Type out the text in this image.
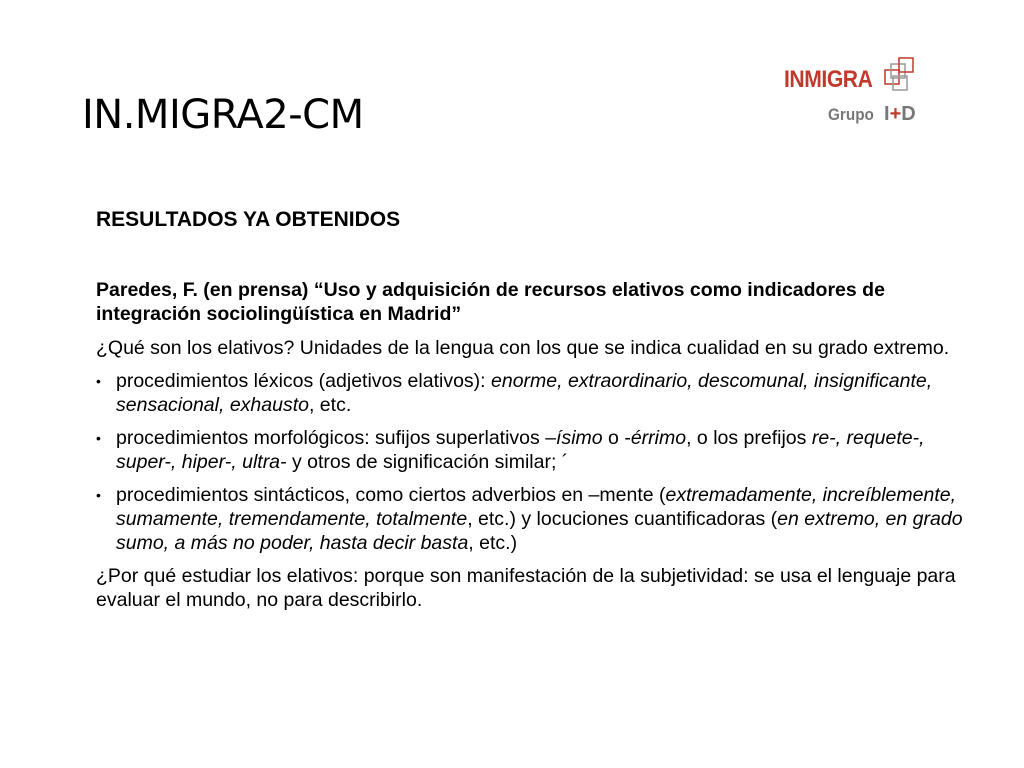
IN.MIGRA2-CM
INMIGRA
Grupo I+D
RESULTADOS YA OBTENIDOS
Paredes, F. (en prensa) “Uso y adquisición de recursos elativos como indicadores de integración sociolingüística en Madrid”
¿Qué son los elativos? Unidades de la lengua con los que se indica cualidad en su grado extremo.
• procedimientos léxicos (adjetivos elativos): enorme, extraordinario, descomunal, insignificante, sensacional, exhausto, etc.
• procedimientos morfológicos: sufijos superlativos –ísimo o -érrimo, o los prefijos re-, requete-, super-, hiper-, ultra- y otros de significación similar; ´
• procedimientos sintácticos, como ciertos adverbios en –mente (extremadamente, increíblemente, sumamente, tremendamente, totalmente, etc.) y locuciones cuantificadoras (en extremo, en grado sumo, a más no poder, hasta decir basta, etc.)
¿Por qué estudiar los elativos: porque son manifestación de la subjetividad: se usa el lenguaje para evaluar el mundo, no para describirlo.
